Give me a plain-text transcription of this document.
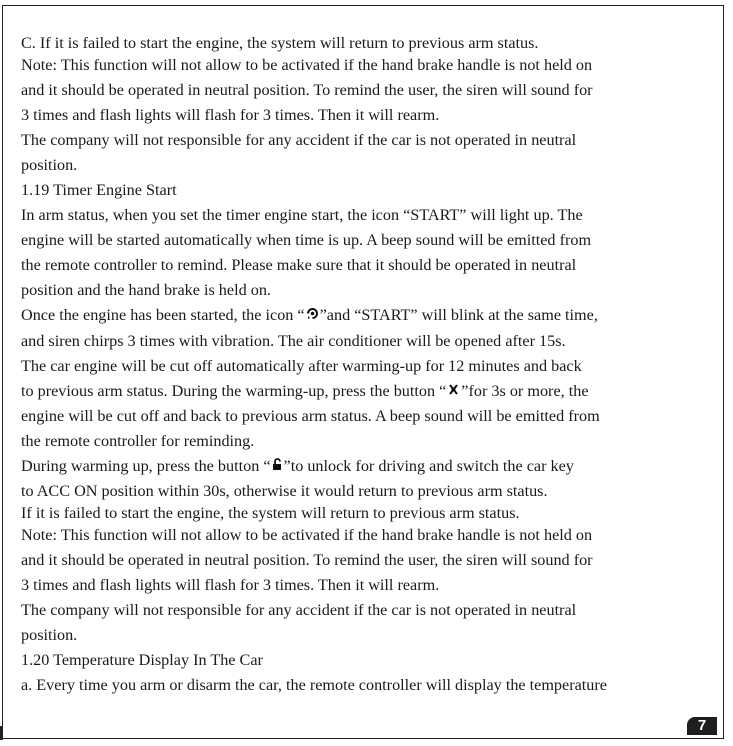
C. If it is failed to start the engine, the system will return to previous arm status.
Note: This function will not allow to be activated if the hand brake handle is not held on
and it should be operated in neutral position. To remind the user, the siren will sound for
3 times and flash lights will flash for 3 times. Then it will rearm.
The company will not responsible for any accident if the car is not operated in neutral
position.
1.19 Timer Engine Start
In arm status, when you set the timer engine start, the icon “START” will light up. The
engine will be started automatically when time is up. A beep sound will be emitted from
the remote controller to remind. Please make sure that it should be operated in neutral
position and the hand brake is held on.
Once the engine has been started, the icon “ ”and “START” will blink at the same time,
and siren chirps 3 times with vibration. The air conditioner will be opened after 15s.
The car engine will be cut off automatically after warming-up for 12 minutes and back
to previous arm status. During the warming-up, press the button “ ”for 3s or more, the
engine will be cut off and back to previous arm status. A beep sound will be emitted from
the remote controller for reminding.
During warming up, press the button “ ”to unlock for driving and switch the car key
to ACC ON position within 30s, otherwise it would return to previous arm status.
If it is failed to start the engine, the system will return to previous arm status.
Note: This function will not allow to be activated if the hand brake handle is not held on
and it should be operated in neutral position. To remind the user, the siren will sound for
3 times and flash lights will flash for 3 times. Then it will rearm.
The company will not responsible for any accident if the car is not operated in neutral
position.
1.20 Temperature Display In The Car
a. Every time you arm or disarm the car, the remote controller will display the temperature
7
